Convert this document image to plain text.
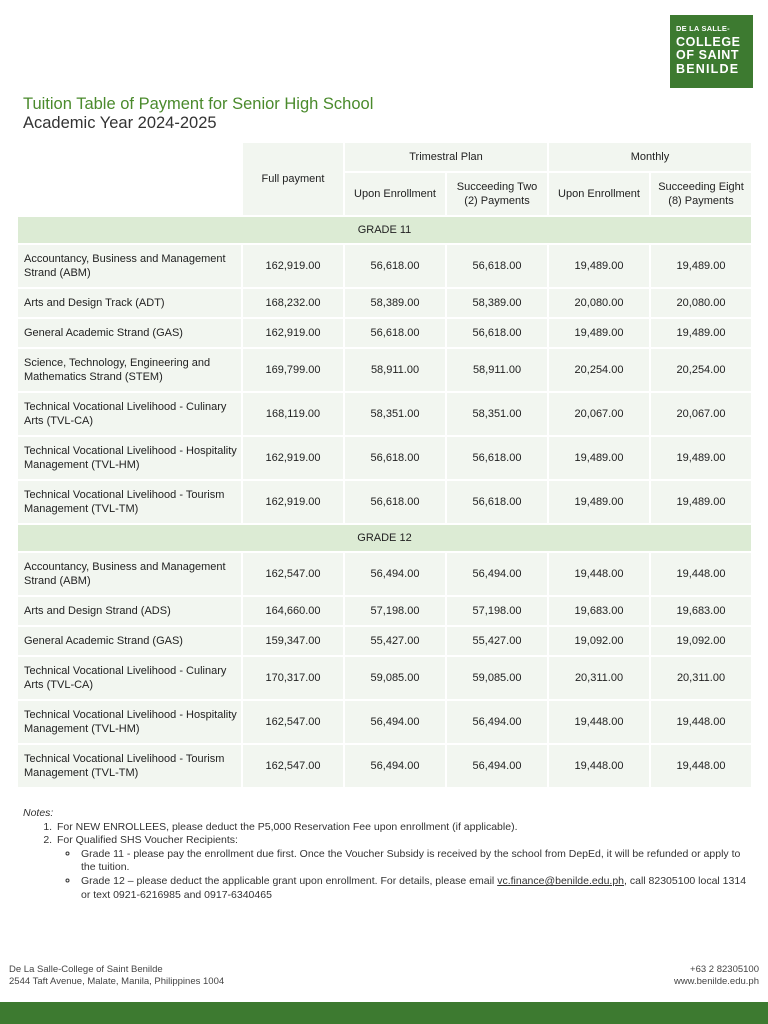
DE LA SALLE-
COLLEGE
OF SAINT
BENILDE
Tuition Table of Payment for Senior High School
Academic Year 2024-2025
	Full payment	Trimestral Plan		Monthly	
		Upon Enrollment	Succeeding Two (2) Payments	Upon Enrollment	Succeeding Eight (8) Payments
GRADE 11					
Accountancy, Business and Management Strand (ABM)	162,919.00	56,618.00	56,618.00	19,489.00	19,489.00
Arts and Design Track (ADT)	168,232.00	58,389.00	58,389.00	20,080.00	20,080.00
General Academic Strand (GAS)	162,919.00	56,618.00	56,618.00	19,489.00	19,489.00
Science, Technology, Engineering and Mathematics Strand (STEM)	169,799.00	58,911.00	58,911.00	20,254.00	20,254.00
Technical Vocational Livelihood - Culinary Arts (TVL-CA)	168,119.00	58,351.00	58,351.00	20,067.00	20,067.00
Technical Vocational Livelihood - Hospitality Management (TVL-HM)	162,919.00	56,618.00	56,618.00	19,489.00	19,489.00
Technical Vocational Livelihood - Tourism Management (TVL-TM)	162,919.00	56,618.00	56,618.00	19,489.00	19,489.00
GRADE 12					
Accountancy, Business and Management Strand (ABM)	162,547.00	56,494.00	56,494.00	19,448.00	19,448.00
Arts and Design Strand (ADS)	164,660.00	57,198.00	57,198.00	19,683.00	19,683.00
General Academic Strand (GAS)	159,347.00	55,427.00	55,427.00	19,092.00	19,092.00
Technical Vocational Livelihood - Culinary Arts (TVL-CA)	170,317.00	59,085.00	59,085.00	20,311.00	20,311.00
Technical Vocational Livelihood - Hospitality Management (TVL-HM)	162,547.00	56,494.00	56,494.00	19,448.00	19,448.00
Technical Vocational Livelihood - Tourism Management (TVL-TM)	162,547.00	56,494.00	56,494.00	19,448.00	19,448.00
Notes:
1. For NEW ENROLLEES, please deduct the P5,000 Reservation Fee upon enrollment (if applicable).
2. For Qualified SHS Voucher Recipients:
◦ Grade 11 - please pay the enrollment due first. Once the Voucher Subsidy is received by the school from DepEd, it will be refunded or apply to the tuition.
◦ Grade 12 – please deduct the applicable grant upon enrollment. For details, please email vc.finance@benilde.edu.ph, call 82305100 local 1314 or text 0921-6216985 and 0917-6340465
De La Salle-College of Saint Benilde
2544 Taft Avenue, Malate, Manila, Philippines 1004
+63 2 82305100
www.benilde.edu.ph
